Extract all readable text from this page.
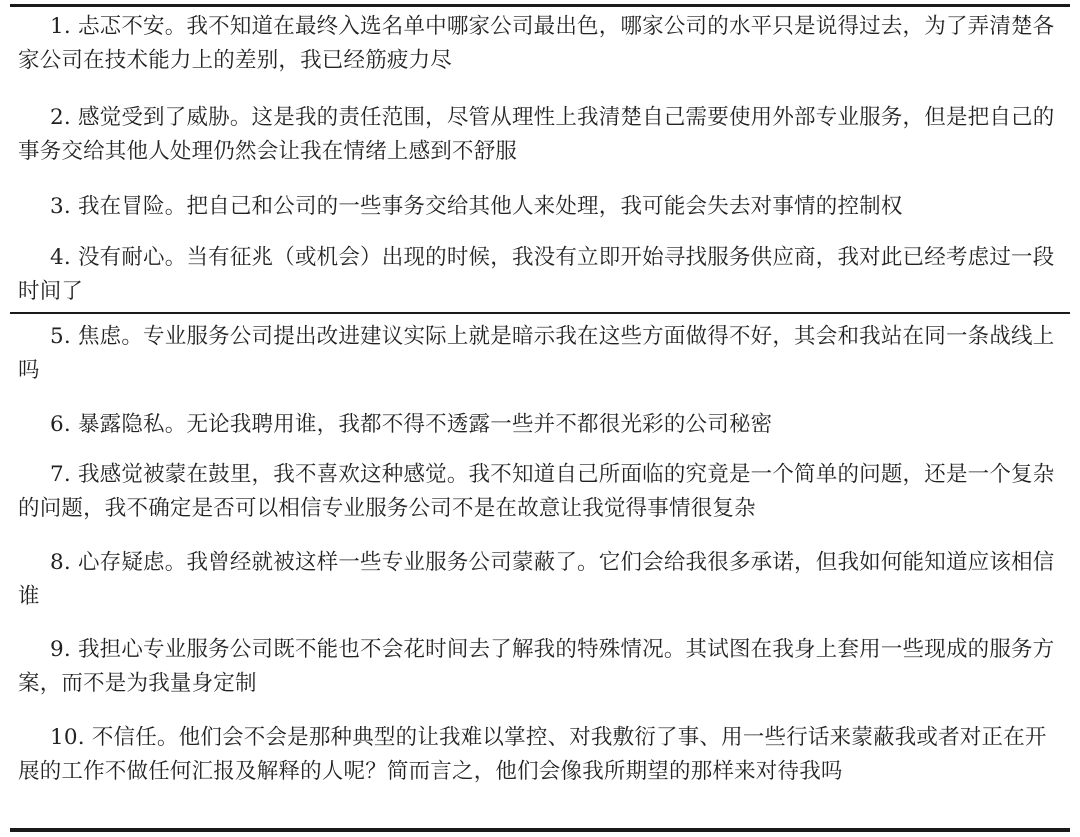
1. 忐忑不安。我不知道在最终入选名单中哪家公司最出色，哪家公司的水平只是说得过去，为了弄清楚各家公司在技术能力上的差别，我已经筋疲力尽

2. 感觉受到了威胁。这是我的责任范围，尽管从理性上我清楚自己需要使用外部专业服务，但是把自己的事务交给其他人处理仍然会让我在情绪上感到不舒服

3. 我在冒险。把自己和公司的一些事务交给其他人来处理，我可能会失去对事情的控制权

4. 没有耐心。当有征兆（或机会）出现的时候，我没有立即开始寻找服务供应商，我对此已经考虑过一段时间了

5. 焦虑。专业服务公司提出改进建议实际上就是暗示我在这些方面做得不好，其会和我站在同一条战线上吗

6. 暴露隐私。无论我聘用谁，我都不得不透露一些并不都很光彩的公司秘密

7. 我感觉被蒙在鼓里，我不喜欢这种感觉。我不知道自己所面临的究竟是一个简单的问题，还是一个复杂的问题，我不确定是否可以相信专业服务公司不是在故意让我觉得事情很复杂

8. 心存疑虑。我曾经就被这样一些专业服务公司蒙蔽了。它们会给我很多承诺，但我如何能知道应该相信谁

9. 我担心专业服务公司既不能也不会花时间去了解我的特殊情况。其试图在我身上套用一些现成的服务方案，而不是为我量身定制

10. 不信任。他们会不会是那种典型的让我难以掌控、对我敷衍了事、用一些行话来蒙蔽我或者对正在开展的工作不做任何汇报及解释的人呢？简而言之，他们会像我所期望的那样来对待我吗
